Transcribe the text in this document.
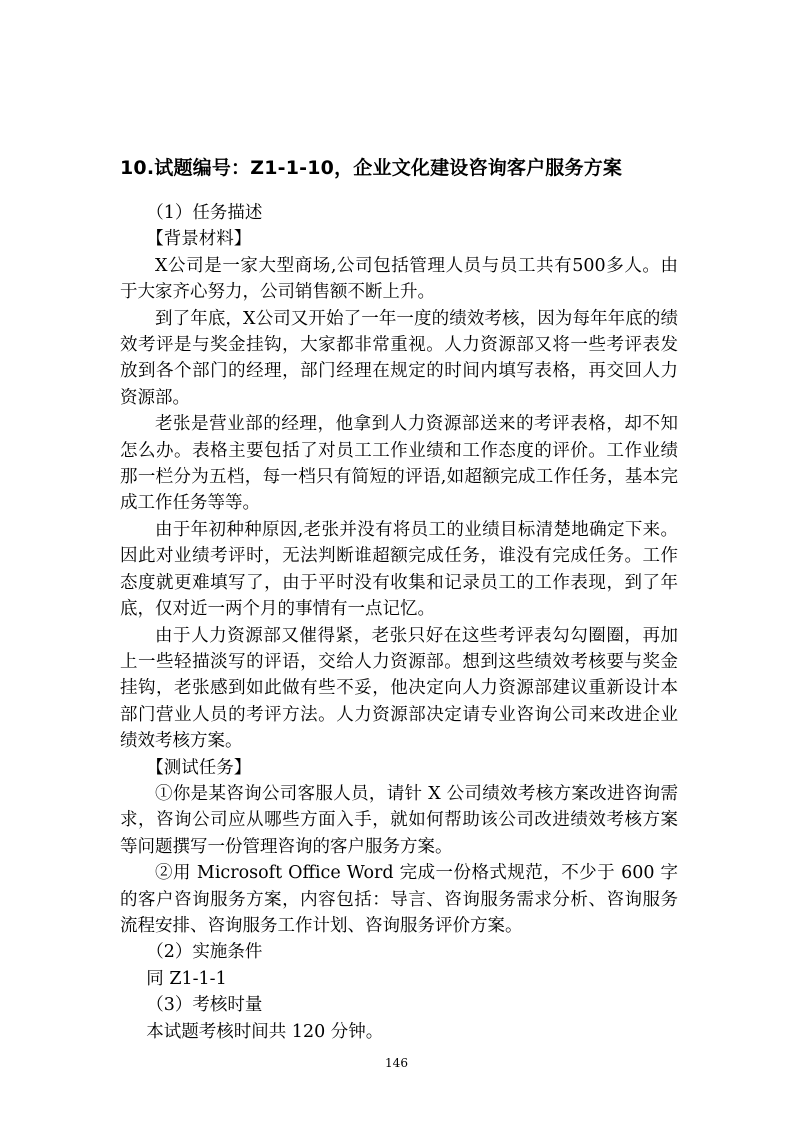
10.试题编号：Z1-1-10，企业文化建设咨询客户服务方案

（1）任务描述

【背景材料】

X公司是一家大型商场,公司包括管理人员与员工共有500多人。由于大家齐心努力，公司销售额不断上升。

到了年底，X公司又开始了一年一度的绩效考核，因为每年年底的绩效考评是与奖金挂钩，大家都非常重视。人力资源部又将一些考评表发放到各个部门的经理，部门经理在规定的时间内填写表格，再交回人力资源部。

老张是营业部的经理，他拿到人力资源部送来的考评表格，却不知怎么办。表格主要包括了对员工工作业绩和工作态度的评价。工作业绩那一栏分为五档，每一档只有简短的评语,如超额完成工作任务，基本完成工作任务等等。

由于年初种种原因,老张并没有将员工的业绩目标清楚地确定下来。因此对业绩考评时，无法判断谁超额完成任务，谁没有完成任务。工作态度就更难填写了，由于平时没有收集和记录员工的工作表现，到了年底，仅对近一两个月的事情有一点记忆。

由于人力资源部又催得紧，老张只好在这些考评表勾勾圈圈，再加上一些轻描淡写的评语，交给人力资源部。想到这些绩效考核要与奖金挂钩，老张感到如此做有些不妥，他决定向人力资源部建议重新设计本部门营业人员的考评方法。人力资源部决定请专业咨询公司来改进企业绩效考核方案。

【测试任务】

①你是某咨询公司客服人员，请针 X 公司绩效考核方案改进咨询需求，咨询公司应从哪些方面入手，就如何帮助该公司改进绩效考核方案等问题撰写一份管理咨询的客户服务方案。

②用 Microsoft Office Word 完成一份格式规范，不少于 600 字的客户咨询服务方案，内容包括：导言、咨询服务需求分析、咨询服务流程安排、咨询服务工作计划、咨询服务评价方案。

（2）实施条件

同 Z1-1-1

（3）考核时量

本试题考核时间共 120 分钟。

146
